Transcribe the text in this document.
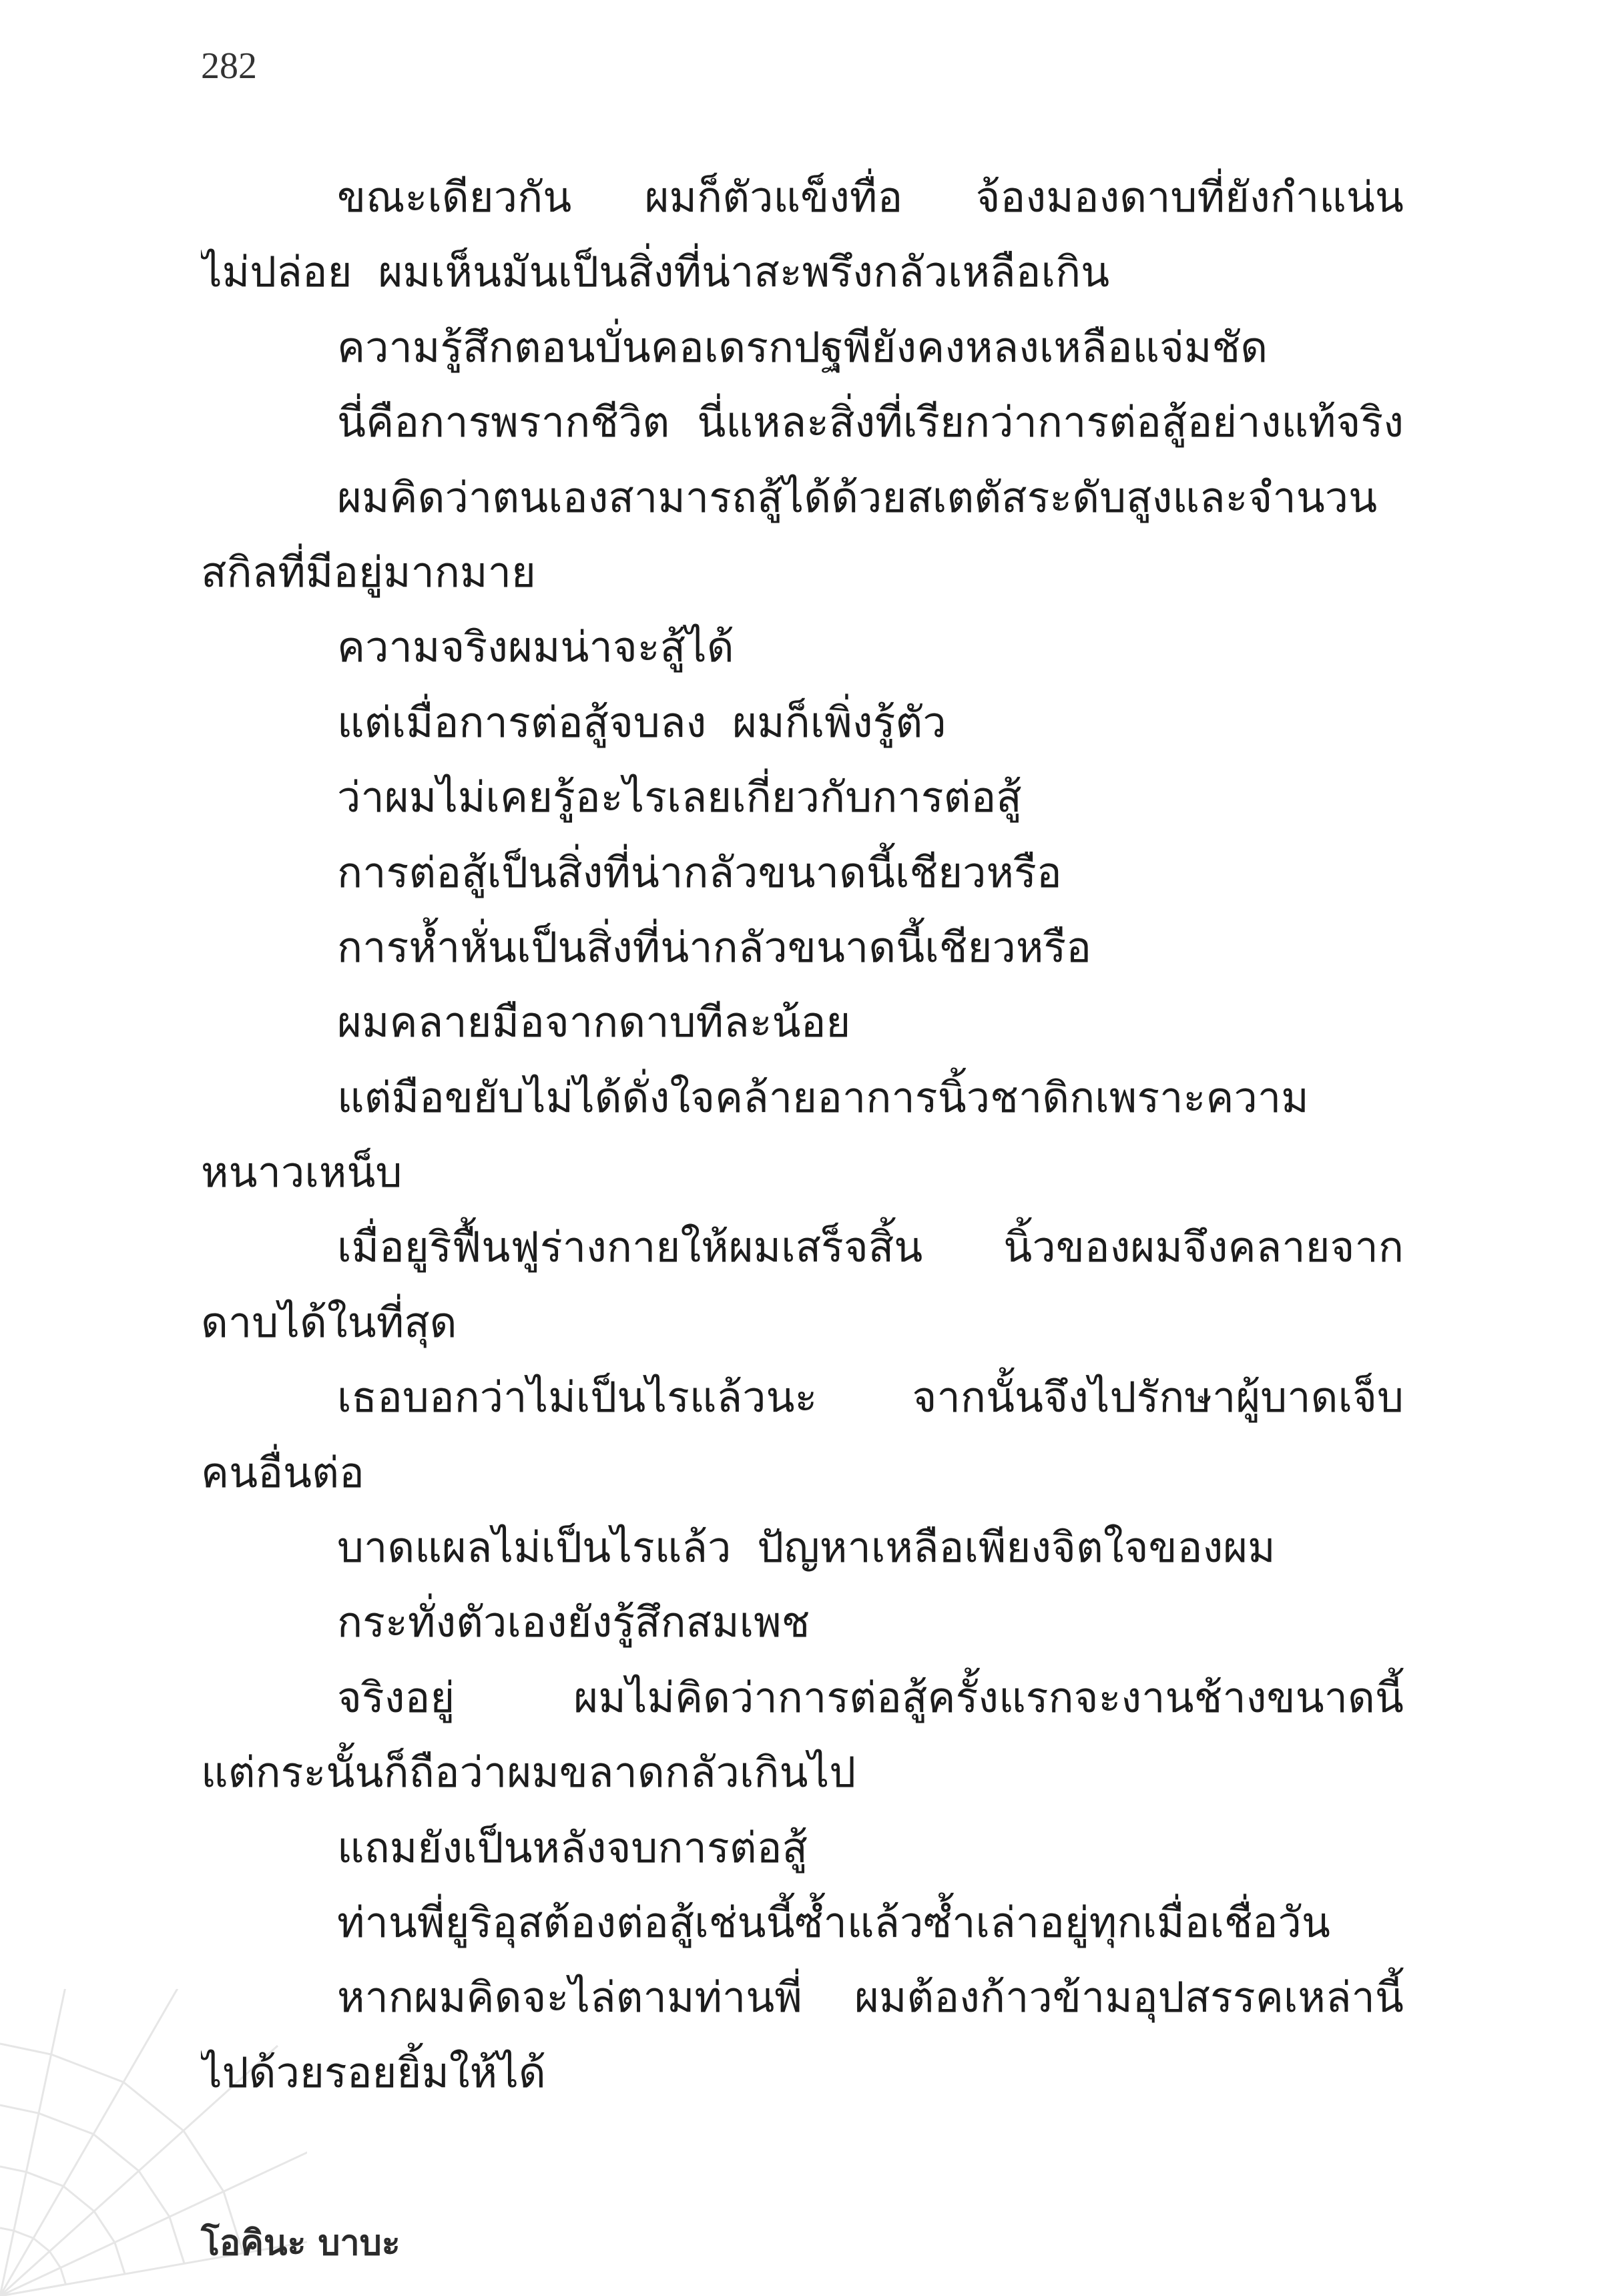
282
ขณะเดียวกัน ผมก็ตัวแข็งทื่อ จ้องมองดาบที่ยังกำแน่น
ไม่ปล่อย ผมเห็นมันเป็นสิ่งที่น่าสะพรึงกลัวเหลือเกิน
ความรู้สึกตอนบั่นคอเดรกปฐพียังคงหลงเหลือแจ่มชัด
นี่คือการพรากชีวิต นี่แหละสิ่งที่เรียกว่าการต่อสู้อย่างแท้จริง
ผมคิดว่าตนเองสามารถสู้ได้ด้วยสเตตัสระดับสูงและจำนวน
สกิลที่มีอยู่มากมาย
ความจริงผมน่าจะสู้ได้
แต่เมื่อการต่อสู้จบลง ผมก็เพิ่งรู้ตัว
ว่าผมไม่เคยรู้อะไรเลยเกี่ยวกับการต่อสู้
การต่อสู้เป็นสิ่งที่น่ากลัวขนาดนี้เชียวหรือ
การห้ำหั่นเป็นสิ่งที่น่ากลัวขนาดนี้เชียวหรือ
ผมคลายมือจากดาบทีละน้อย
แต่มือขยับไม่ได้ดั่งใจคล้ายอาการนิ้วชาดิกเพราะความ
หนาวเหน็บ
เมื่อยูริฟื้นฟูร่างกายให้ผมเสร็จสิ้น นิ้วของผมจึงคลายจาก
ดาบได้ในที่สุด
เธอบอกว่าไม่เป็นไรแล้วนะ จากนั้นจึงไปรักษาผู้บาดเจ็บ
คนอื่นต่อ
บาดแผลไม่เป็นไรแล้ว ปัญหาเหลือเพียงจิตใจของผม
กระทั่งตัวเองยังรู้สึกสมเพช
จริงอยู่ ผมไม่คิดว่าการต่อสู้ครั้งแรกจะงานช้างขนาดนี้
แต่กระนั้นก็ถือว่าผมขลาดกลัวเกินไป
แถมยังเป็นหลังจบการต่อสู้
ท่านพี่ยูริอุสต้องต่อสู้เช่นนี้ซ้ำแล้วซ้ำเล่าอยู่ทุกเมื่อเชื่อวัน
หากผมคิดจะไล่ตามท่านพี่ ผมต้องก้าวข้ามอุปสรรคเหล่านี้
ไปด้วยรอยยิ้มให้ได้
โอคินะ บาบะ
